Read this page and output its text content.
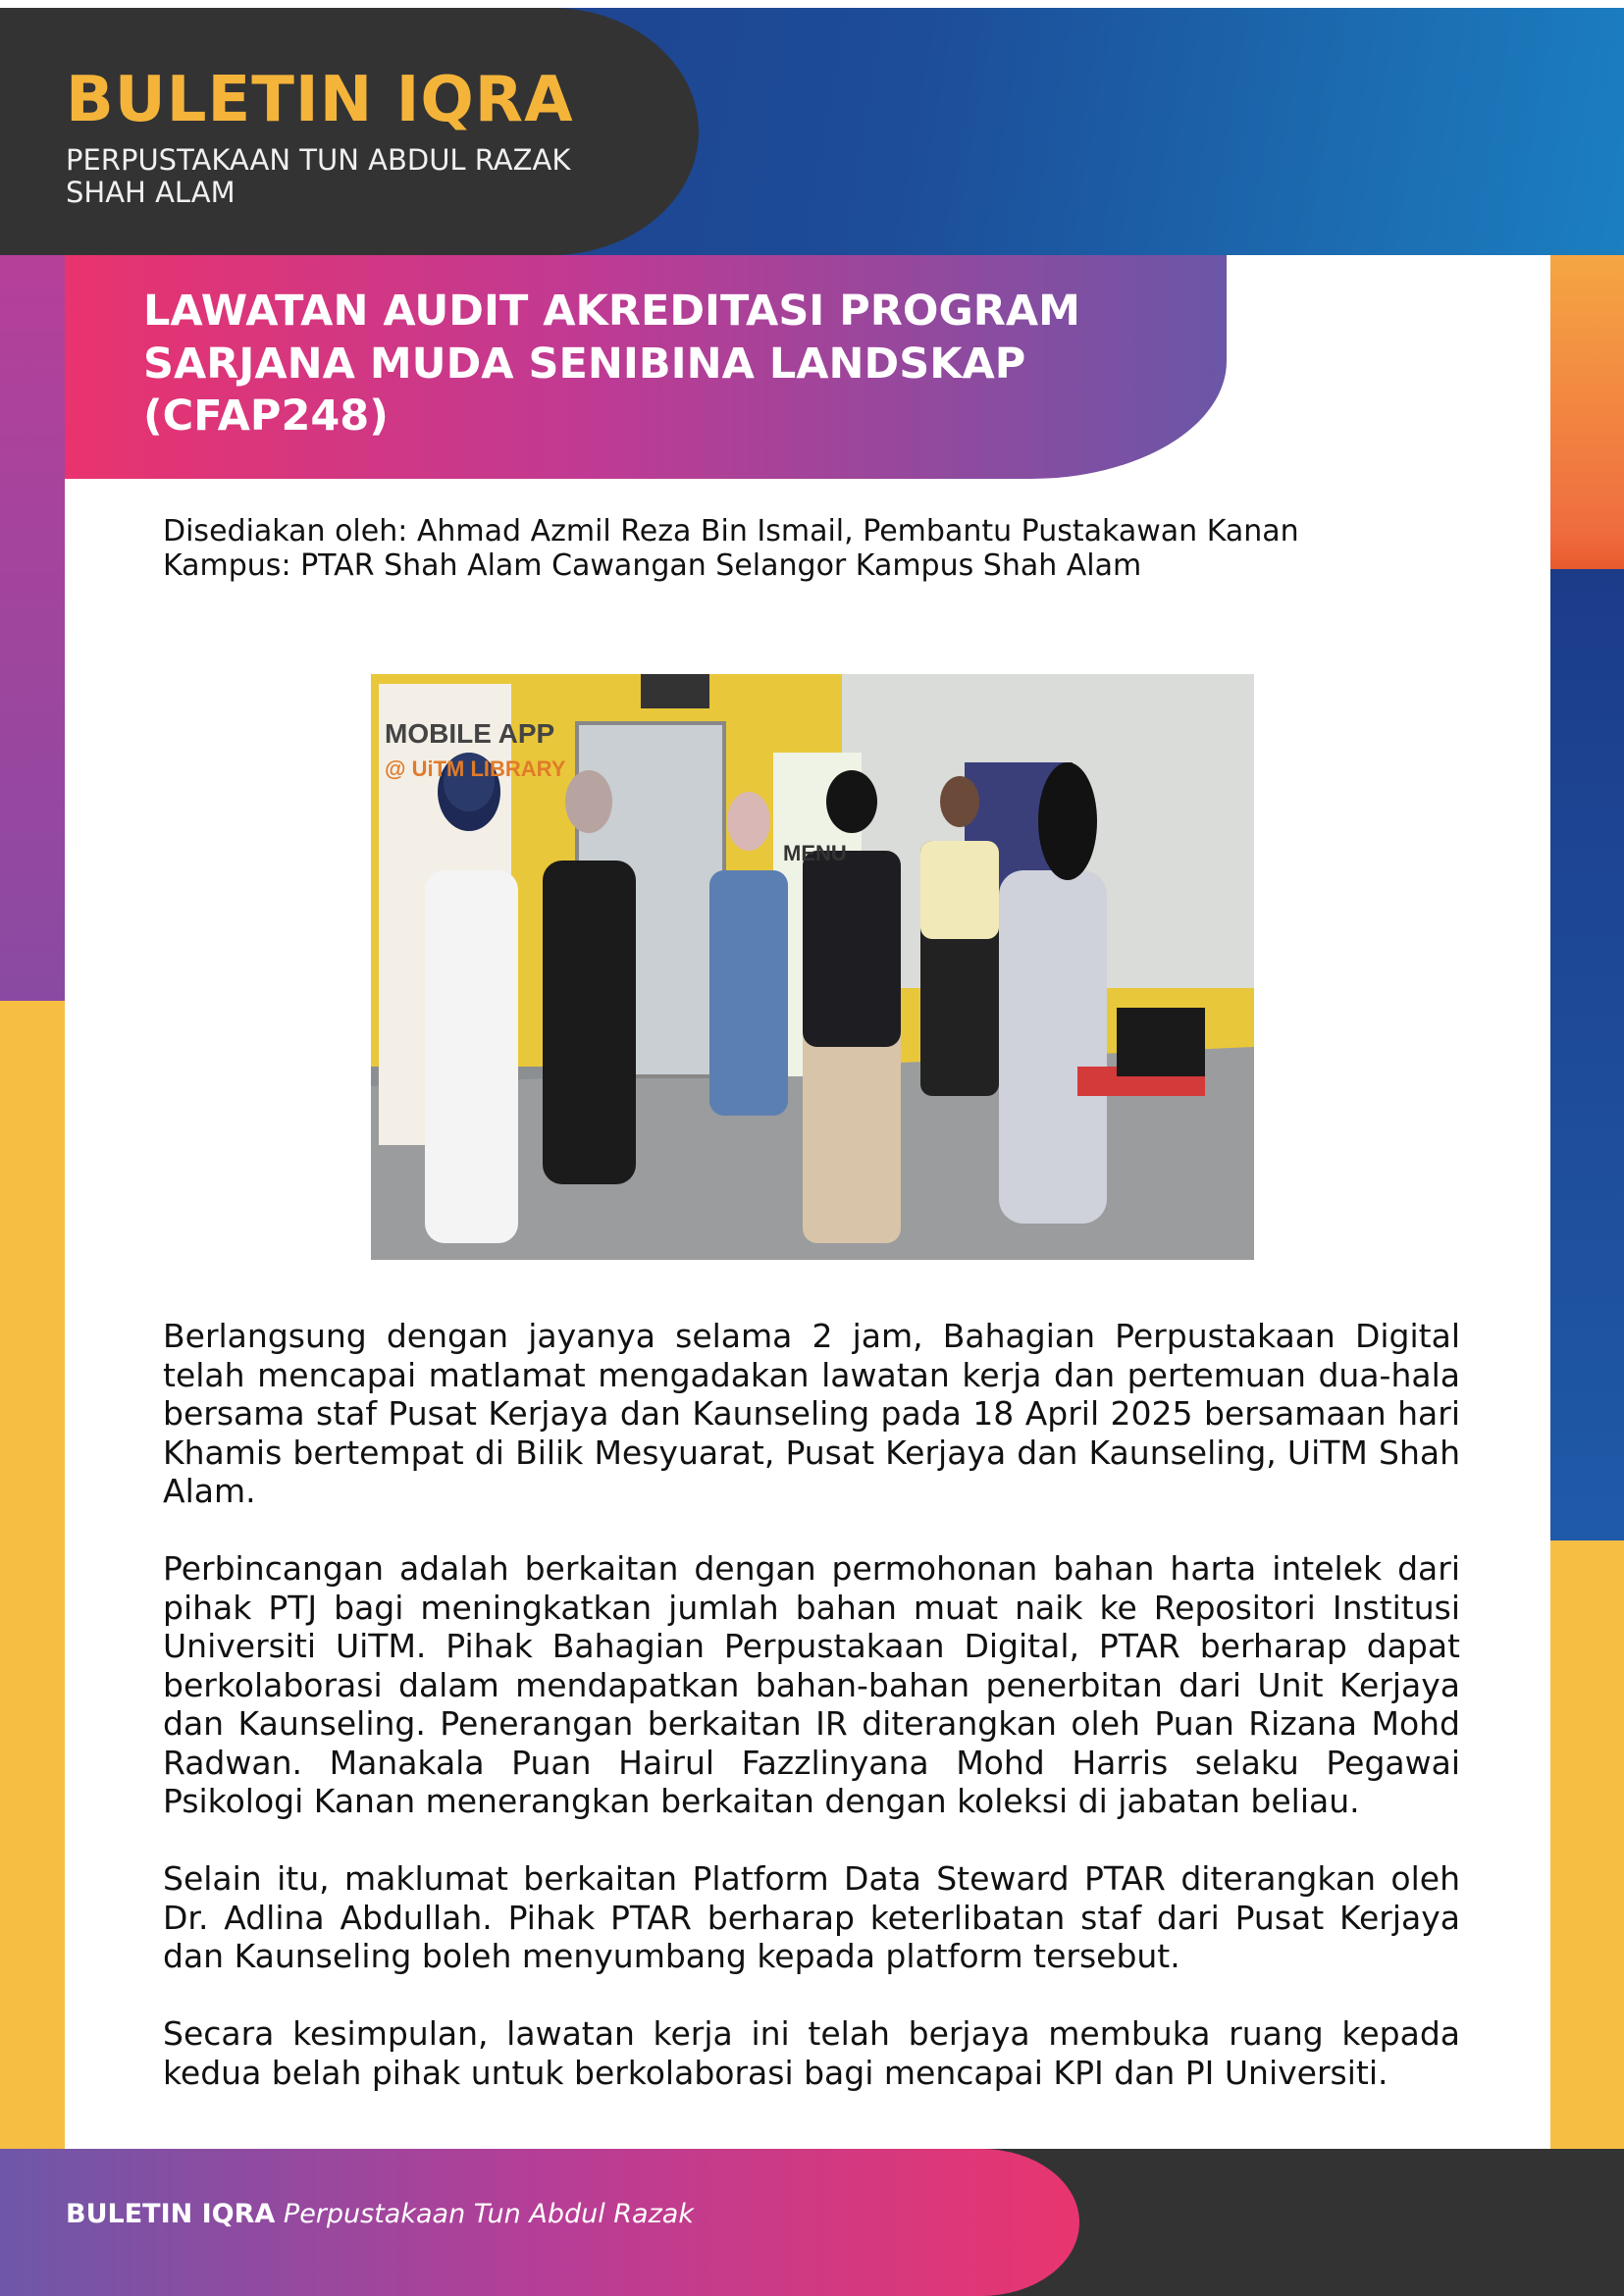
BULETIN IQRA
PERPUSTAKAAN TUN ABDUL RAZAK
SHAH ALAM
LAWATAN AUDIT AKREDITASI PROGRAM
SARJANA MUDA SENIBINA LANDSKAP
(CFAP248)
Disediakan oleh: Ahmad Azmil Reza Bin Ismail, Pembantu Pustakawan Kanan
Kampus: PTAR Shah Alam Cawangan Selangor Kampus Shah Alam
MOBILE APP
@ UiTM LIBRARY
MENU
Berlangsung dengan jayanya selama 2 jam, Bahagian Perpustakaan Digital telah mencapai matlamat mengadakan lawatan kerja dan pertemuan dua-hala bersama staf Pusat Kerjaya dan Kaunseling pada 18 April 2025 bersamaan hari Khamis bertempat di Bilik Mesyuarat, Pusat Kerjaya dan Kaunseling, UiTM Shah Alam.
Perbincangan adalah berkaitan dengan permohonan bahan harta intelek dari pihak PTJ bagi meningkatkan jumlah bahan muat naik ke Repositori Institusi Universiti UiTM. Pihak Bahagian Perpustakaan Digital, PTAR berharap dapat berkolaborasi dalam mendapatkan bahan-bahan penerbitan dari Unit Kerjaya dan Kaunseling. Penerangan berkaitan IR diterangkan oleh Puan Rizana Mohd Radwan. Manakala Puan Hairul Fazzlinyana Mohd Harris selaku Pegawai Psikologi Kanan menerangkan berkaitan dengan koleksi di jabatan beliau.
Selain itu, maklumat berkaitan Platform Data Steward PTAR diterangkan oleh Dr. Adlina Abdullah. Pihak PTAR berharap keterlibatan staf dari Pusat Kerjaya dan Kaunseling boleh menyumbang kepada platform tersebut.
Secara kesimpulan, lawatan kerja ini telah berjaya membuka ruang kepada kedua belah pihak untuk berkolaborasi bagi mencapai KPI dan PI Universiti.
BULETIN IQRA Perpustakaan Tun Abdul Razak
